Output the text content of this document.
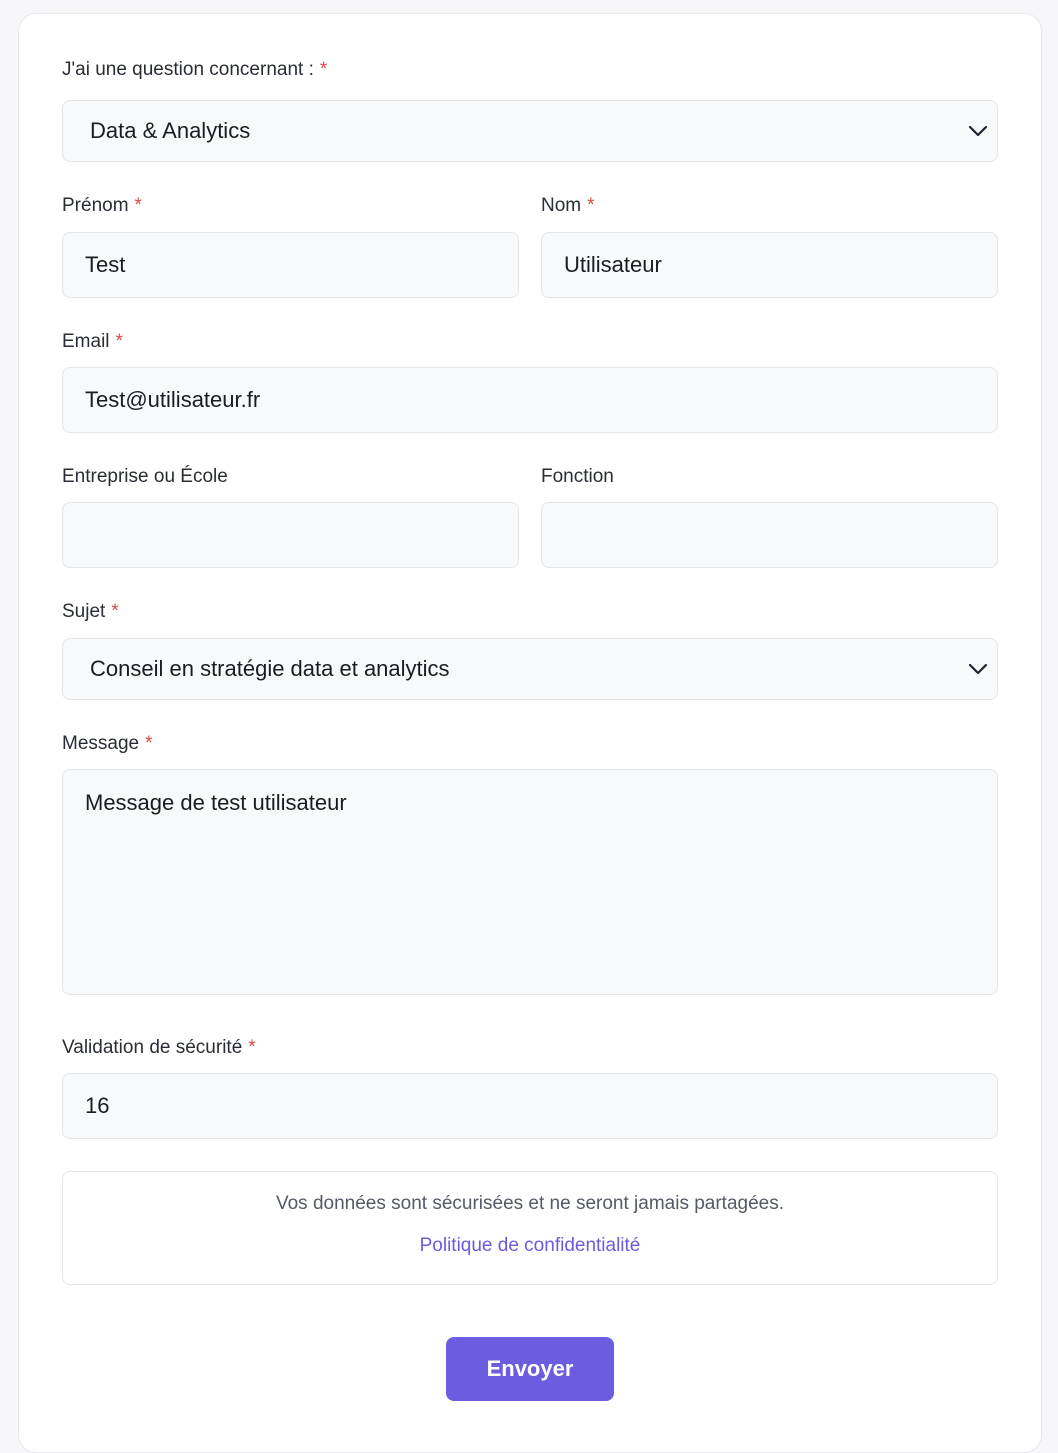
J'ai une question concernant : *
Data & Analytics
Prénom *
Test	Nom *
Utilisateur
Email *
Test@utilisateur.fr
Entreprise ou École	Fonction
Sujet *
Conseil en stratégie data et analytics
Message *
Message de test utilisateur
Validation de sécurité *
16
Vos données sont sécurisées et ne seront jamais partagées.
Politique de confidentialité
Envoyer
